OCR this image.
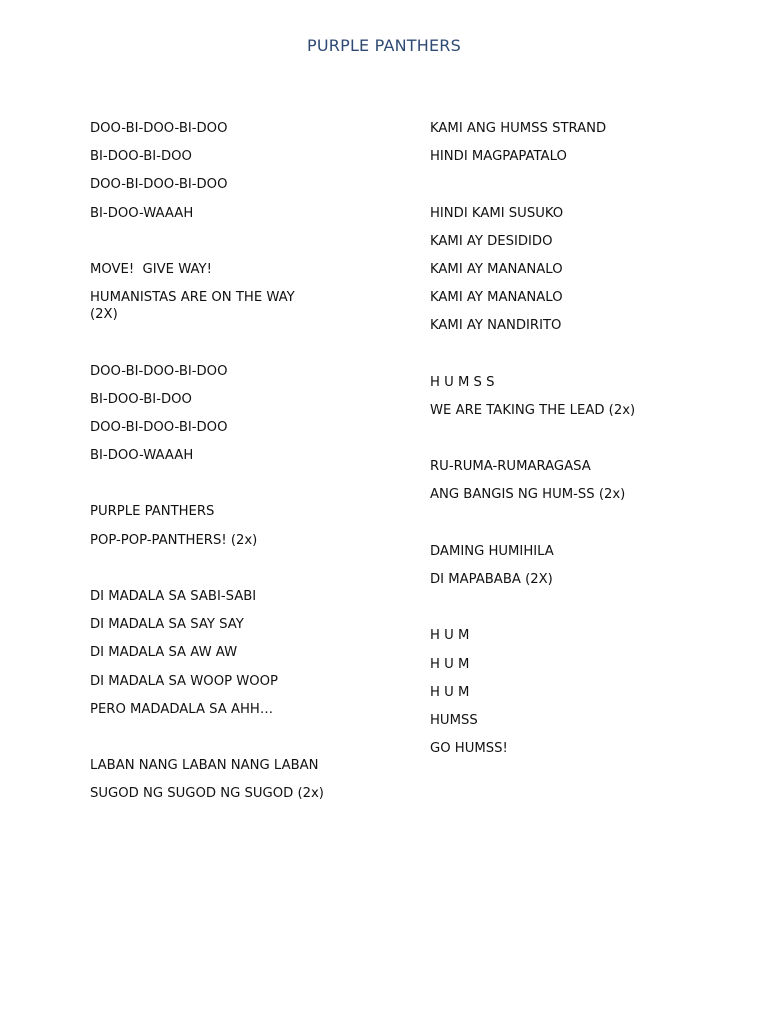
PURPLE PANTHERS
DOO-BI-DOO-BI-DOO
BI-DOO-BI-DOO
DOO-BI-DOO-BI-DOO
BI-DOO-WAAAH
MOVE!  GIVE WAY!
HUMANISTAS ARE ON THE WAY
(2X)
DOO-BI-DOO-BI-DOO
BI-DOO-BI-DOO
DOO-BI-DOO-BI-DOO
BI-DOO-WAAAH
PURPLE PANTHERS
POP-POP-PANTHERS! (2x)
DI MADALA SA SABI-SABI
DI MADALA SA SAY SAY
DI MADALA SA AW AW
DI MADALA SA WOOP WOOP
PERO MADADALA SA AHH…
LABAN NANG LABAN NANG LABAN
SUGOD NG SUGOD NG SUGOD (2x)
KAMI ANG HUMSS STRAND
HINDI MAGPAPATALO
HINDI KAMI SUSUKO
KAMI AY DESIDIDO
KAMI AY MANANALO
KAMI AY MANANALO
KAMI AY NANDIRITO
H U M S S
WE ARE TAKING THE LEAD (2x)
RU-RUMA-RUMARAGASA
ANG BANGIS NG HUM-SS (2x)
DAMING HUMIHILA
DI MAPABABA (2X)
H U M
H U M
H U M
HUMSS
GO HUMSS!
